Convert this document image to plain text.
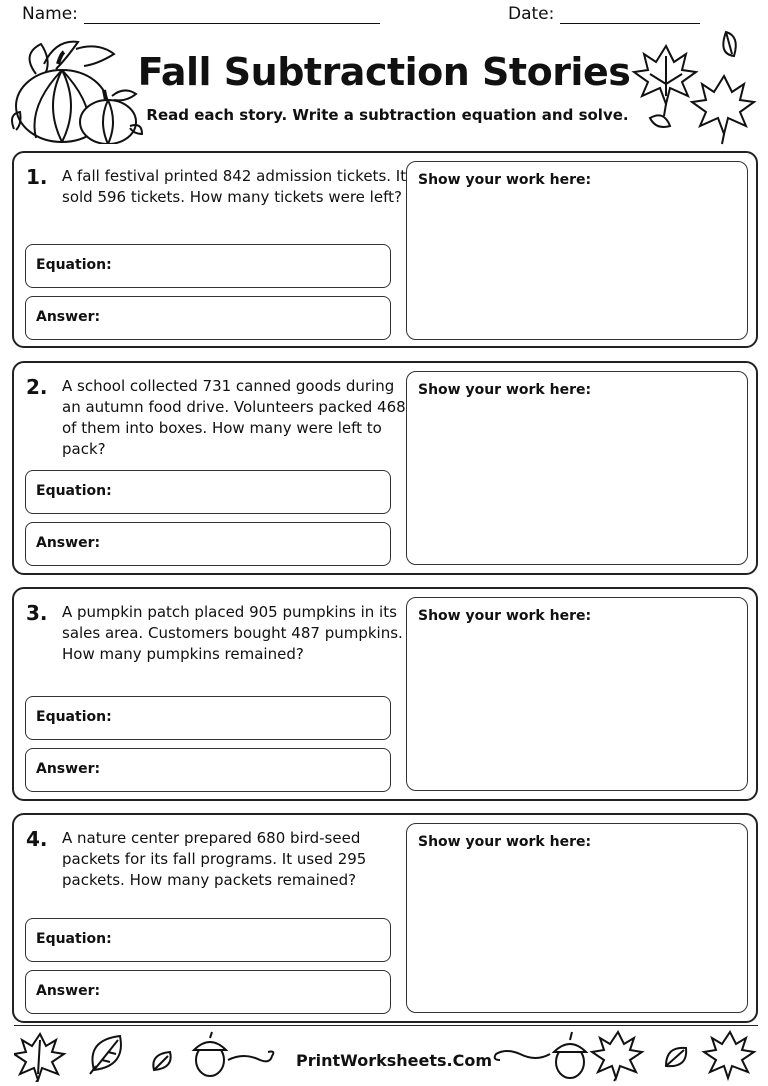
Name:	Date:
Fall Subtraction Stories
Read each story. Write a subtraction equation and solve.
1. A fall festival printed 842 admission tickets. It sold 596 tickets. How many tickets were left?
Equation:
Answer:
Show your work here:
2. A school collected 731 canned goods during an autumn food drive. Volunteers packed 468 of them into boxes. How many were left to pack?
Equation:
Answer:
Show your work here:
3. A pumpkin patch placed 905 pumpkins in its sales area. Customers bought 487 pumpkins. How many pumpkins remained?
Equation:
Answer:
Show your work here:
4. A nature center prepared 680 bird-seed packets for its fall programs. It used 295 packets. How many packets remained?
Equation:
Answer:
Show your work here:
PrintWorksheets.Com
